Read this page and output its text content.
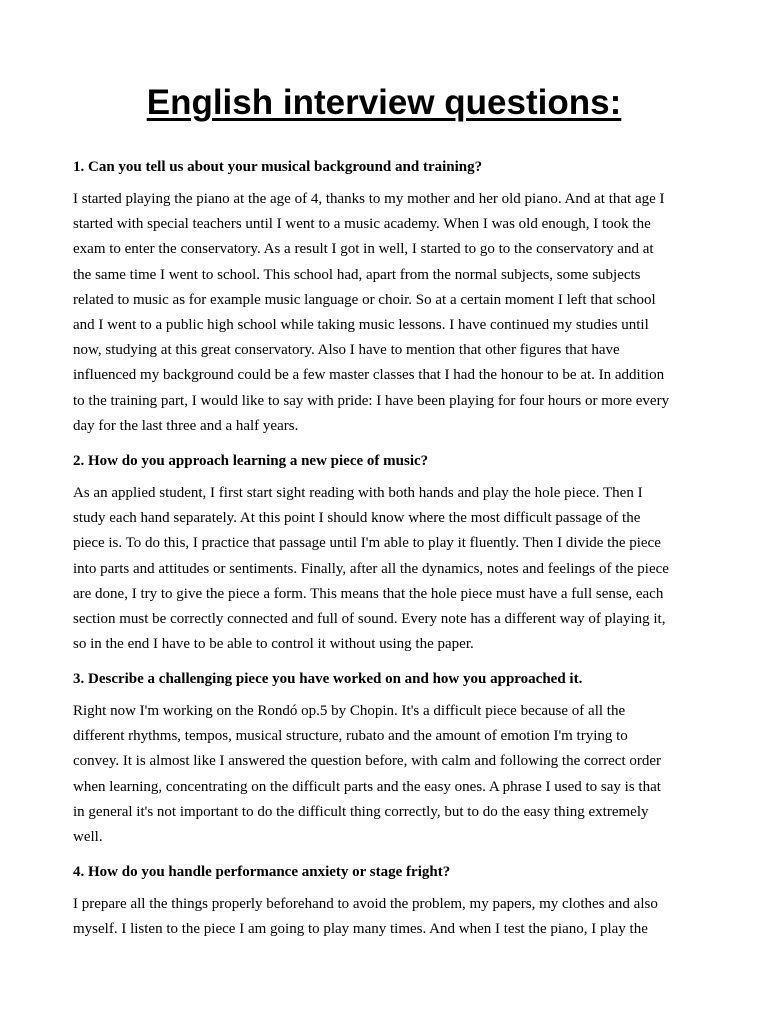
English interview questions:

1. Can you tell us about your musical background and training?

I started playing the piano at the age of 4, thanks to my mother and her old piano. And at that age I
started with special teachers until I went to a music academy. When I was old enough, I took the
exam to enter the conservatory. As a result I got in well, I started to go to the conservatory and at
the same time I went to school. This school had, apart from the normal subjects, some subjects
related to music as for example music language or choir. So at a certain moment I left that school
and I went to a public high school while taking music lessons. I have continued my studies until
now, studying at this great conservatory. Also I have to mention that other figures that have
influenced my background could be a few master classes that I had the honour to be at. In addition
to the training part, I would like to say with pride: I have been playing for four hours or more every
day for the last three and a half years.

2. How do you approach learning a new piece of music?

As an applied student, I first start sight reading with both hands and play the hole piece. Then I
study each hand separately. At this point I should know where the most difficult passage of the
piece is. To do this, I practice that passage until I'm able to play it fluently. Then I divide the piece
into parts and attitudes or sentiments. Finally, after all the dynamics, notes and feelings of the piece
are done, I try to give the piece a form. This means that the hole piece must have a full sense, each
section must be correctly connected and full of sound. Every note has a different way of playing it,
so in the end I have to be able to control it without using the paper.

3. Describe a challenging piece you have worked on and how you approached it.

Right now I'm working on the Rondó op.5 by Chopin. It's a difficult piece because of all the
different rhythms, tempos, musical structure, rubato and the amount of emotion I'm trying to
convey. It is almost like I answered the question before, with calm and following the correct order
when learning, concentrating on the difficult parts and the easy ones. A phrase I used to say is that
in general it's not important to do the difficult thing correctly, but to do the easy thing extremely
well.

4. How do you handle performance anxiety or stage fright?

I prepare all the things properly beforehand to avoid the problem, my papers, my clothes and also
myself. I listen to the piece I am going to play many times. And when I test the piano, I play the
